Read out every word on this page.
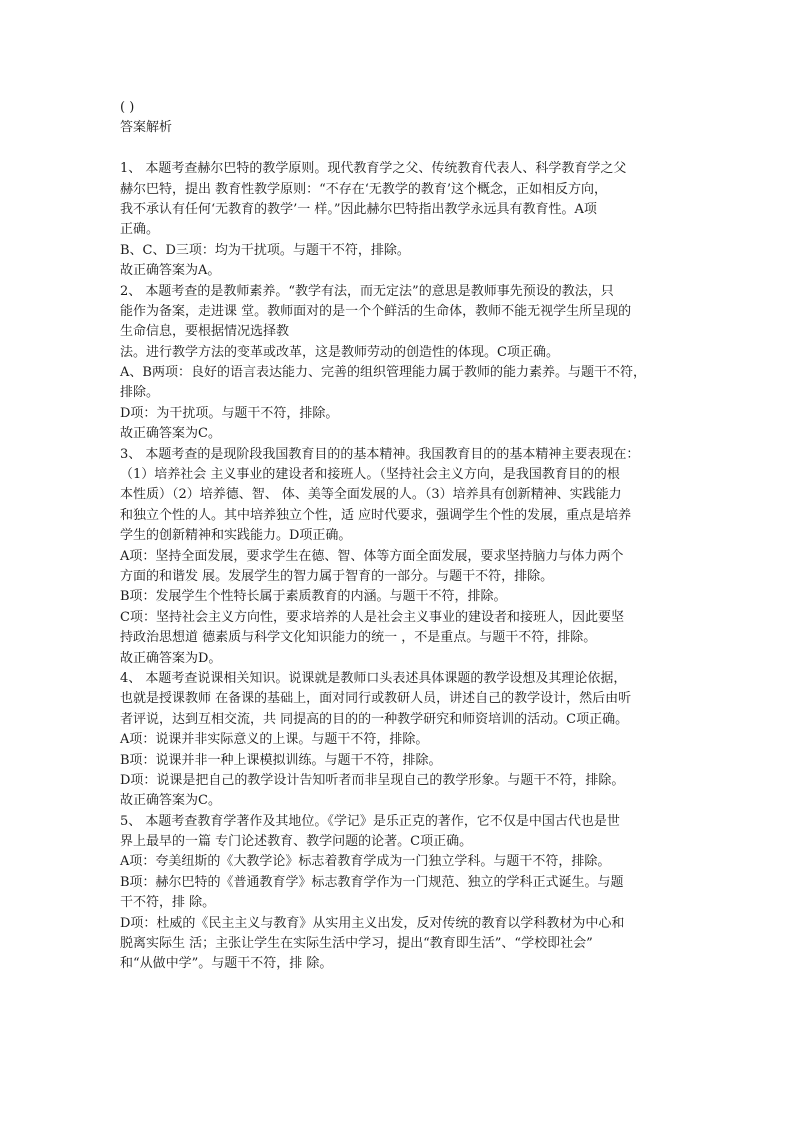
( )
答案解析
1、 本题考查赫尔巴特的教学原则。现代教育学之父、传统教育代表人、科学教育学之父
赫尔巴特，提出 教育性教学原则：“不存在‘无教学的教育’这个概念，正如相反方向，
我不承认有任何‘无教育的教学’一 样。”因此赫尔巴特指出教学永远具有教育性。A项
正确。
B、C、D三项：均为干扰项。与题干不符，排除。
故正确答案为A。
2、 本题考查的是教师素养。“教学有法，而无定法”的意思是教师事先预设的教法，只
能作为备案，走进课 堂。教师面对的是一个个鲜活的生命体，教师不能无视学生所呈现的
生命信息，要根据情况选择教
法。进行教学方法的变革或改革，这是教师劳动的创造性的体现。C项正确。
A、B两项：良好的语言表达能力、完善的组织管理能力属于教师的能力素养。与题干不符，
排除。
D项：为干扰项。与题干不符，排除。
故正确答案为C。
3、 本题考查的是现阶段我国教育目的的基本精神。我国教育目的的基本精神主要表现在：
（1）培养社会 主义事业的建设者和接班人。（坚持社会主义方向，是我国教育目的的根
本性质）（2）培养德、智、 体、美等全面发展的人。（3）培养具有创新精神、实践能力
和独立个性的人。其中培养独立个性，适 应时代要求，强调学生个性的发展，重点是培养
学生的创新精神和实践能力。D项正确。
A项：坚持全面发展，要求学生在德、智、体等方面全面发展，要求坚持脑力与体力两个
方面的和谐发 展。发展学生的智力属于智育的一部分。与题干不符，排除。
B项：发展学生个性特长属于素质教育的内涵。与题干不符，排除。
C项：坚持社会主义方向性，要求培养的人是社会主义事业的建设者和接班人，因此要坚
持政治思想道 德素质与科学文化知识能力的统一 ，不是重点。与题干不符，排除。
故正确答案为D。
4、 本题考查说课相关知识。说课就是教师口头表述具体课题的教学设想及其理论依据，
也就是授课教师 在备课的基础上，面对同行或教研人员，讲述自己的教学设计，然后由听
者评说，达到互相交流，共 同提高的目的的一种教学研究和师资培训的活动。C项正确。
A项：说课并非实际意义的上课。与题干不符，排除。
B项：说课并非一种上课模拟训练。与题干不符，排除。
D项：说课是把自己的教学设计告知听者而非呈现自己的教学形象。与题干不符，排除。
故正确答案为C。
5、 本题考查教育学著作及其地位。《学记》是乐正克的著作，它不仅是中国古代也是世
界上最早的一篇 专门论述教育、教学问题的论著。C项正确。
A项：夸美纽斯的《大教学论》标志着教育学成为一门独立学科。与题干不符，排除。
B项：赫尔巴特的《普通教育学》标志教育学作为一门规范、独立的学科正式诞生。与题
干不符，排 除。
D项：杜威的《民主主义与教育》从实用主义出发，反对传统的教育以学科教材为中心和
脱离实际生 活；主张让学生在实际生活中学习，提出“教育即生活”、“学校即社会”
和“从做中学”。与题干不符，排 除。
